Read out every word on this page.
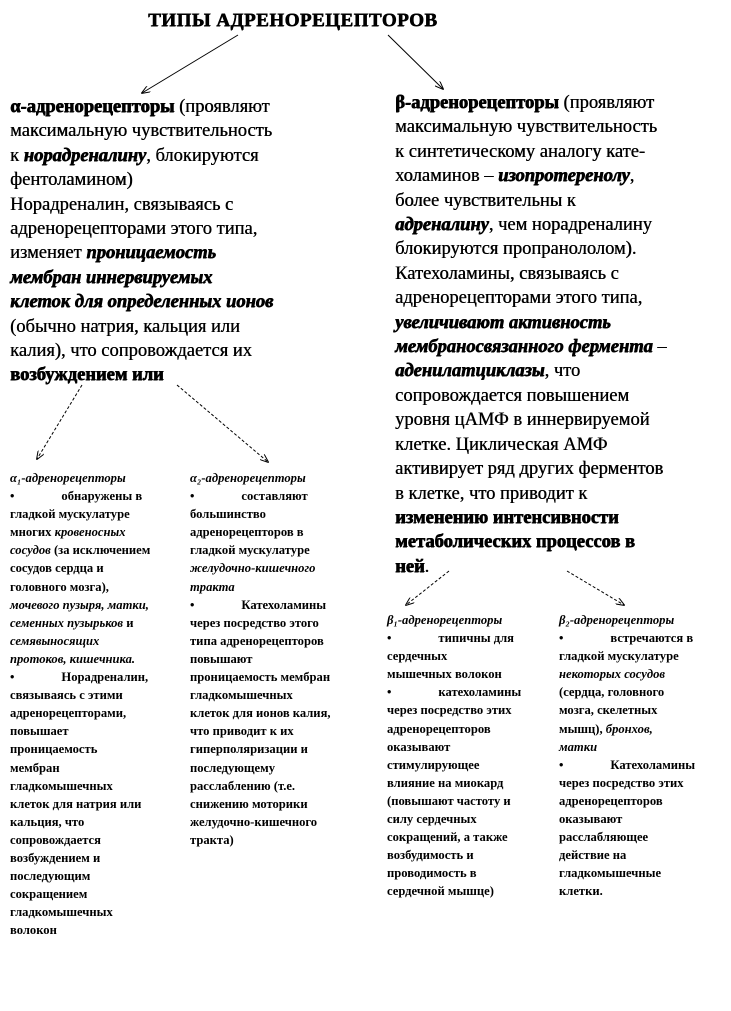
ТИПЫ АДРЕНОРЕЦЕПТОРОВ
α-адренорецепторы (проявляют
максимальную чувствительность
к норадреналину, блокируются
фентоламином)
Норадреналин, связываясь с
адренорецепторами этого типа,
изменяет проницаемость
мембран иннервируемых
клеток для определенных ионов
(обычно натрия, кальция или
калия), что сопровождается их
возбуждением или
β-адренорецепторы (проявляют
максимальную чувствительность
к синтетическому аналогу кате-
холаминов – изопротеренолу,
более чувствительны к
адреналину, чем норадреналину
блокируются пропранололом).
Катехоламины, связываясь с
адренорецепторами этого типа,
увеличивают активность
мембраносвязанного фермента –
аденилатциклазы, что
сопровождается повышением
уровня цАМФ в иннервируемой
клетке. Циклическая АМФ
активирует ряд других ферментов
в клетке, что приводит к
изменению интенсивности
метаболических процессов в
ней.
α₁-адренорецепторы
•	обнаружены в
гладкой мускулатуре
многих кровеносных
сосудов (за исключением
сосудов сердца и
головного мозга),
мочевого пузыря, матки,
семенных пузырьков и
семявыносящих
протоков, кишечника.
•	Норадреналин,
связываясь с этими
адренорецепторами,
повышает
проницаемость
мембран
гладкомышечных
клеток для натрия или
кальция, что
сопровождается
возбуждением и
последующим
сокращением
гладкомышечных
волокон
α₂-адренорецепторы
•	составляют
большинство
адренорецепторов в
гладкой мускулатуре
желудочно-кишечного
тракта
•	Катехоламины
через посредство этого
типа адренорецепторов
повышают
проницаемость мембран
гладкомышечных
клеток для ионов калия,
что приводит к их
гиперполяризации и
последующему
расслаблению (т.е.
снижению моторики
желудочно-кишечного
тракта)
β₁-адренорецепторы
•	типичны для
сердечных
мышечных волокон
•	катехоламины
через посредство этих
адренорецепторов
оказывают
стимулирующее
влияние на миокард
(повышают частоту и
силу сердечных
сокращений, а также
возбудимость и
проводимость в
сердечной мышце)
β₂-адренорецепторы
•	встречаются в
гладкой мускулатуре
некоторых сосудов
(сердца, головного
мозга, скелетных
мышц), бронхов,
матки
•	Катехоламины
через посредство этих
адренорецепторов
оказывают
расслабляющее
действие на
гладкомышечные
клетки.
